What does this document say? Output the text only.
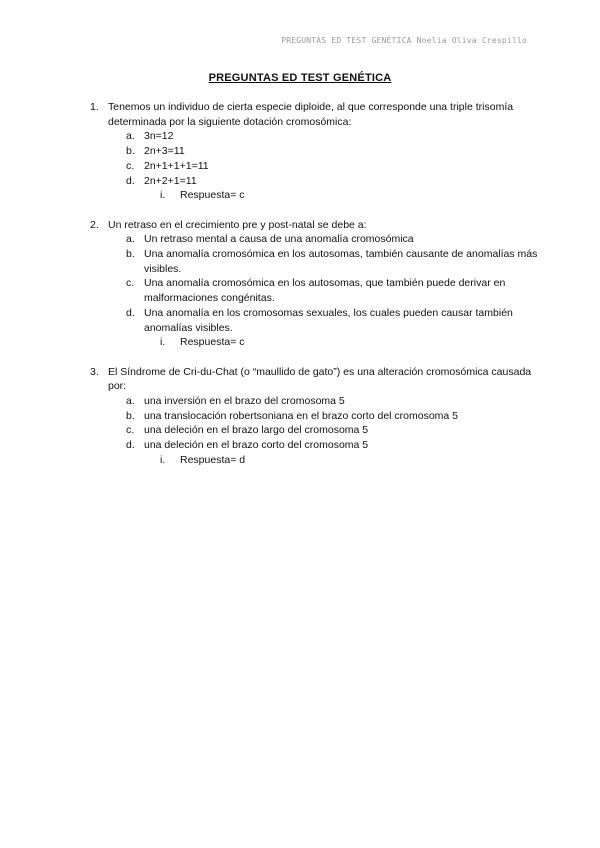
PREGUNTAS ED TEST GENÉTICA Noelia Oliva Crespillo
PREGUNTAS ED TEST GENÉTICA
1. Tenemos un individuo de cierta especie diploide, al que corresponde una triple trisomía determinada por la siguiente dotación cromosómica:
a. 3n=12
b. 2n+3=11
c. 2n+1+1+1=11
d. 2n+2+1=11
i. Respuesta= c
2. Un retraso en el crecimiento pre y post-natal se debe a:
a. Un retraso mental a causa de una anomalía cromosómica
b. Una anomalía cromosómica en los autosomas, también causante de anomalías más visibles.
c. Una anomalía cromosómica en los autosomas, que también puede derivar en malformaciones congénitas.
d. Una anomalía en los cromosomas sexuales, los cuales pueden causar también anomalías visibles.
i. Respuesta= c
3. El Síndrome de Cri-du-Chat (o “maullido de gato”) es una alteración cromosómica causada por:
a. una inversión en el brazo del cromosoma 5
b. una translocación robertsoniana en el brazo corto del cromosoma 5
c. una deleción en el brazo largo del cromosoma 5
d. una deleción en el brazo corto del cromosoma 5
i. Respuesta= d
